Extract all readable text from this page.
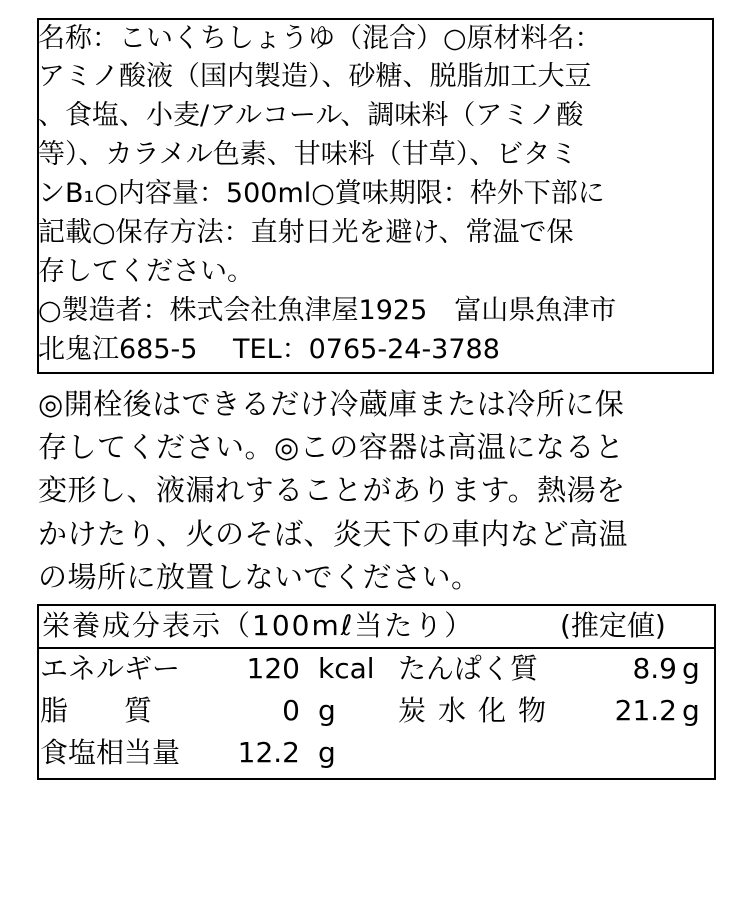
名称：こいくちしょうゆ（混合）○原材料名：
アミノ酸液（国内製造）、砂糖、脱脂加工大豆
、食塩、小麦/アルコール、調味料（アミノ酸
等）、カラメル色素、甘味料（甘草）、ビタミ
ンB₁○内容量：500ml○賞味期限：枠外下部に
記載○保存方法：直射日光を避け、常温で保
存してください。
○製造者：株式会社魚津屋1925　富山県魚津市
北鬼江685-5　 TEL：0765-24-3788
◎開栓後はできるだけ冷蔵庫または冷所に保
存してください。◎この容器は高温になると
変形し、液漏れすることがあります。熱湯を
かけたり、火のそば、炎天下の車内など高温
の場所に放置しないでください。
栄養成分表示（100mℓ当たり）	(推定値)
エネルギー	120 kcal たんぱく質	8.9 g
脂　　質	0 g 炭水化物	21.2 g
食塩相当量 12.2 g
